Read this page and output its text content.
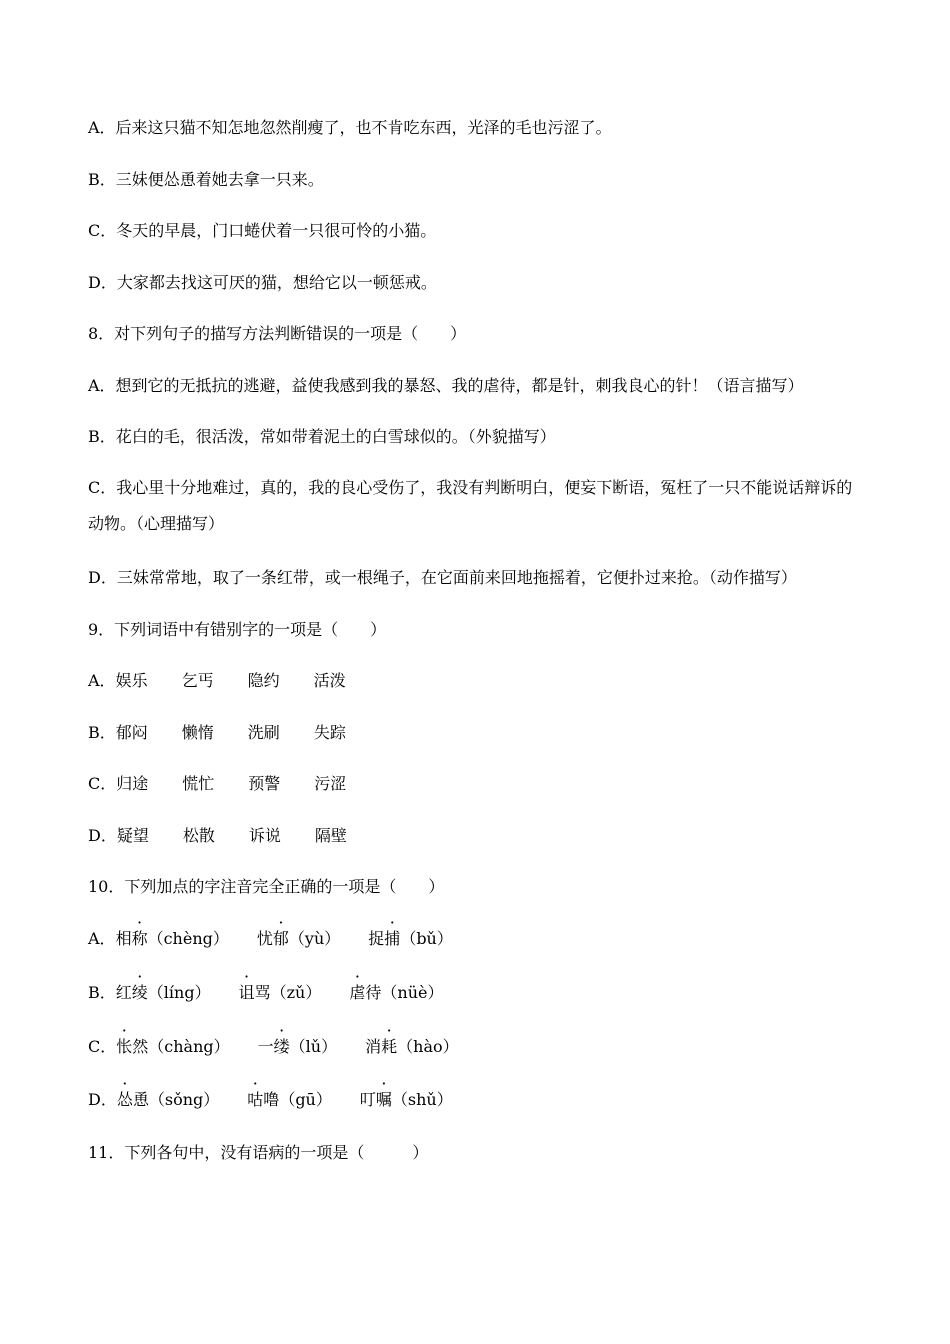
A．后来这只猫不知怎地忽然削瘦了，也不肯吃东西，光泽的毛也污涩了。
B．三妹便怂恿着她去拿一只来。
C．冬天的早晨，门口蜷伏着一只很可怜的小猫。
D．大家都去找这可厌的猫，想给它以一顿惩戒。
8．对下列句子的描写方法判断错误的一项是（　　）
A．想到它的无抵抗的逃避，益使我感到我的暴怒、我的虐待，都是针，刺我良心的针！（语言描写）
B．花白的毛，很活泼，常如带着泥土的白雪球似的。（外貌描写）
C．我心里十分地难过，真的，我的良心受伤了，我没有判断明白，便妄下断语，冤枉了一只不能说话辩诉的动物。（心理描写）
D．三妹常常地，取了一条红带，或一根绳子，在它面前来回地拖摇着，它便扑过来抢。（动作描写）
9．下列词语中有错别字的一项是（　　）
A．娱乐 乞丐 隐约 活泼
B．郁闷 懒惰 洗刷 失踪
C．归途 慌忙 预警 污涩
D．疑望 松散 诉说 隔壁
10．下列加点的字注音完全正确的一项是（　　）
A．相称（chèng） 忧郁（yù） 捉捕（bǔ）
B．红绫（líng） 诅骂（zǔ） 虐待（nüè）
C．怅然（chàng） 一缕（lǔ） 消耗（hào）
D．怂恿（sǒng） 咕噜（gū） 叮嘱（shǔ）
11．下列各句中，没有语病的一项是（　　　）
